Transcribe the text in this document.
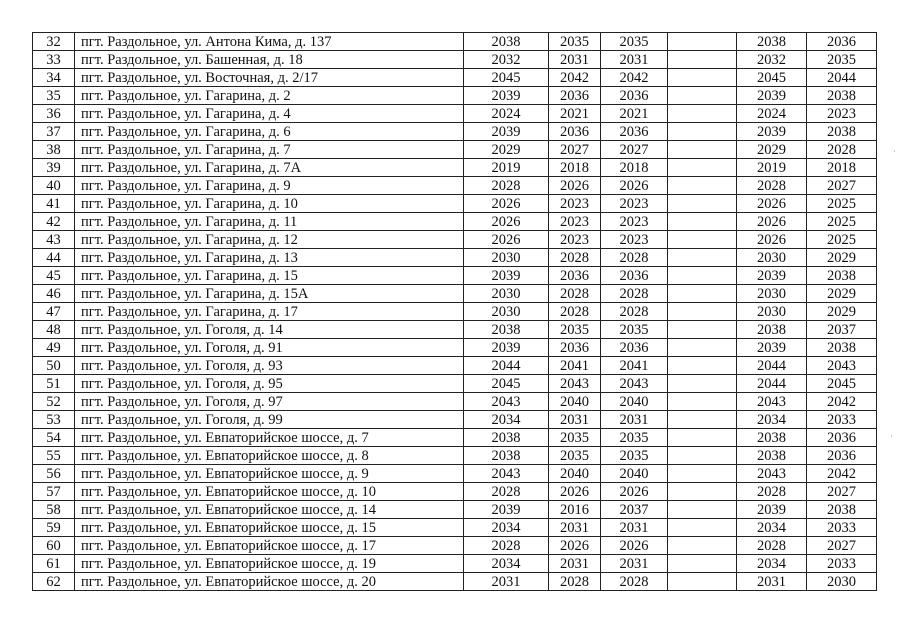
32	пгт. Раздольное, ул. Антона Кима, д. 137	2038	2035	2035		2038	2036
33	пгт. Раздольное, ул. Башенная, д. 18	2032	2031	2031		2032	2035
34	пгт. Раздольное, ул. Восточная, д. 2/17	2045	2042	2042		2045	2044
35	пгт. Раздольное, ул. Гагарина, д. 2	2039	2036	2036		2039	2038
36	пгт. Раздольное, ул. Гагарина, д. 4	2024	2021	2021		2024	2023
37	пгт. Раздольное, ул. Гагарина, д. 6	2039	2036	2036		2039	2038
38	пгт. Раздольное, ул. Гагарина, д. 7	2029	2027	2027		2029	2028
39	пгт. Раздольное, ул. Гагарина, д. 7А	2019	2018	2018		2019	2018
40	пгт. Раздольное, ул. Гагарина, д. 9	2028	2026	2026		2028	2027
41	пгт. Раздольное, ул. Гагарина, д. 10	2026	2023	2023		2026	2025
42	пгт. Раздольное, ул. Гагарина, д. 11	2026	2023	2023		2026	2025
43	пгт. Раздольное, ул. Гагарина, д. 12	2026	2023	2023		2026	2025
44	пгт. Раздольное, ул. Гагарина, д. 13	2030	2028	2028		2030	2029
45	пгт. Раздольное, ул. Гагарина, д. 15	2039	2036	2036		2039	2038
46	пгт. Раздольное, ул. Гагарина, д. 15А	2030	2028	2028		2030	2029
47	пгт. Раздольное, ул. Гагарина, д. 17	2030	2028	2028		2030	2029
48	пгт. Раздольное, ул. Гоголя, д. 14	2038	2035	2035		2038	2037
49	пгт. Раздольное, ул. Гоголя, д. 91	2039	2036	2036		2039	2038
50	пгт. Раздольное, ул. Гоголя, д. 93	2044	2041	2041		2044	2043
51	пгт. Раздольное, ул. Гоголя, д. 95	2045	2043	2043		2044	2045
52	пгт. Раздольное, ул. Гоголя, д. 97	2043	2040	2040		2043	2042
53	пгт. Раздольное, ул. Гоголя, д. 99	2034	2031	2031		2034	2033
54	пгт. Раздольное, ул. Евпаторийское шоссе, д. 7	2038	2035	2035		2038	2036
55	пгт. Раздольное, ул. Евпаторийское шоссе, д. 8	2038	2035	2035		2038	2036
56	пгт. Раздольное, ул. Евпаторийское шоссе, д. 9	2043	2040	2040		2043	2042
57	пгт. Раздольное, ул. Евпаторийское шоссе, д. 10	2028	2026	2026		2028	2027
58	пгт. Раздольное, ул. Евпаторийское шоссе, д. 14	2039	2016	2037		2039	2038
59	пгт. Раздольное, ул. Евпаторийское шоссе, д. 15	2034	2031	2031		2034	2033
60	пгт. Раздольное, ул. Евпаторийское шоссе, д. 17	2028	2026	2026		2028	2027
61	пгт. Раздольное, ул. Евпаторийское шоссе, д. 19	2034	2031	2031		2034	2033
62	пгт. Раздольное, ул. Евпаторийское шоссе, д. 20	2031	2028	2028		2031	2030
·
·
